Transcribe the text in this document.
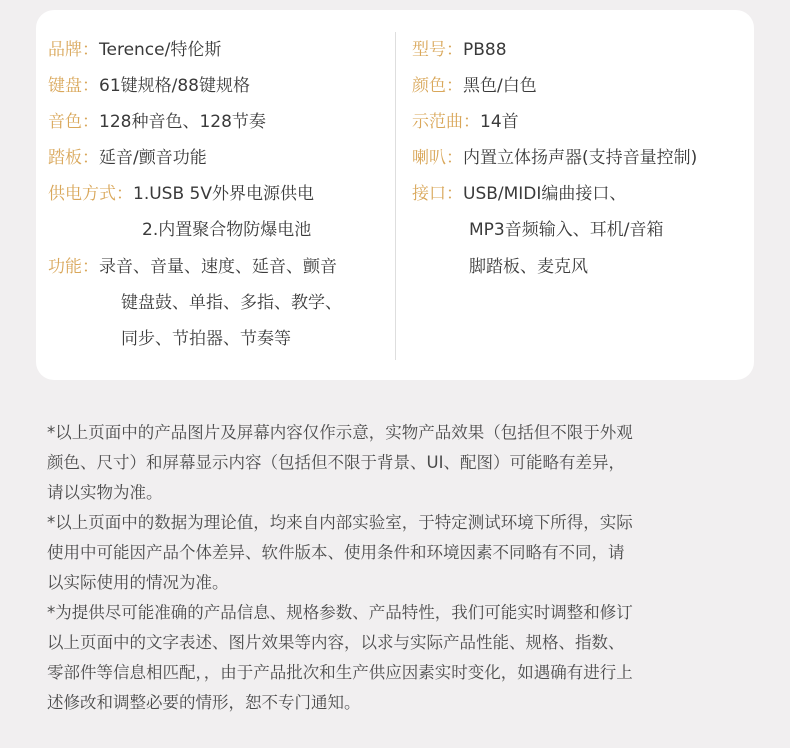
品牌：Terence/特伦斯
键盘：61键规格/88键规格
音色：128种音色、128节奏
踏板：延音/颤音功能
供电方式：1.USB 5V外界电源供电
2.内置聚合物防爆电池
功能：录音、音量、速度、延音、颤音
键盘鼓、单指、多指、教学、
同步、节拍器、节奏等
型号：PB88
颜色：黑色/白色
示范曲：14首
喇叭：内置立体扬声器(支持音量控制)
接口：USB/MIDI编曲接口、
MP3音频输入、耳机/音箱
脚踏板、麦克风
*以上页面中的产品图片及屏幕内容仅作示意，实物产品效果（包括但不限于外观
颜色、尺寸）和屏幕显示内容（包括但不限于背景、UI、配图）可能略有差异，
请以实物为准。
*以上页面中的数据为理论值，均来自内部实验室，于特定测试环境下所得，实际
使用中可能因产品个体差异、软件版本、使用条件和环境因素不同略有不同，请
以实际使用的情况为准。
*为提供尽可能准确的产品信息、规格参数、产品特性，我们可能实时调整和修订
以上页面中的文字表述、图片效果等内容，以求与实际产品性能、规格、指数、
零部件等信息相匹配，，由于产品批次和生产供应因素实时变化，如遇确有进行上
述修改和调整必要的情形，恕不专门通知。
